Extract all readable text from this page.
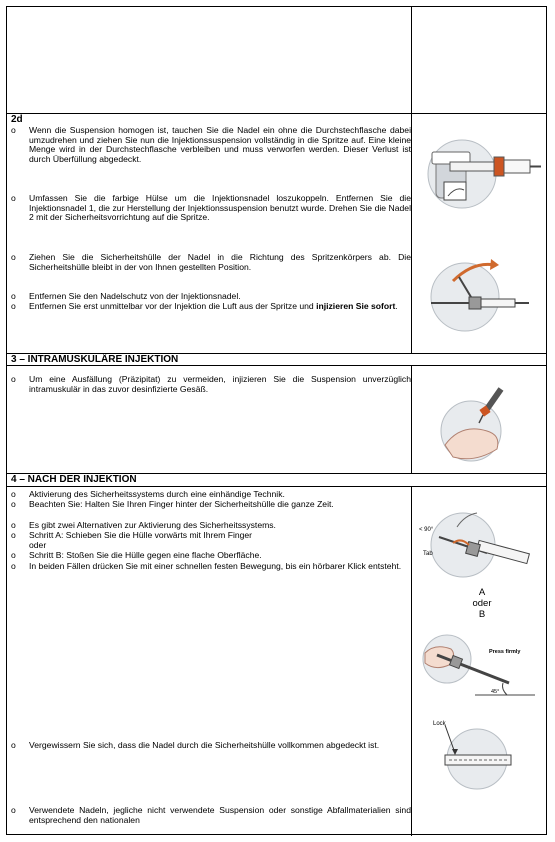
2d
o Wenn die Suspension homogen ist, tauchen Sie die Nadel ein ohne die Durchstechflasche dabei umzudrehen und ziehen Sie nun die Injektionssuspension vollständig in die Spritze auf. Eine kleine Menge wird in der Durchstechflasche verbleiben und muss verworfen werden. Dieser Verlust ist durch Überfüllung abgedeckt.
o Umfassen Sie die farbige Hülse um die Injektionsnadel loszukoppeln. Entfernen Sie die Injektionsnadel 1, die zur Herstellung der Injektionssuspension benutzt wurde. Drehen Sie die Nadel 2 mit der Sicherheitsvorrichtung auf die Spritze.
o Ziehen Sie die Sicherheitshülle der Nadel in die Richtung des Spritzenkörpers ab. Die Sicherheitshülle bleibt in der von Ihnen gestellten Position.
o Entfernen Sie den Nadelschutz von der Injektionsnadel.
o Entfernen Sie erst unmittelbar vor der Injektion die Luft aus der Spritze und injizieren Sie sofort.
3 – INTRAMUSKULÄRE INJEKTION
o Um eine Ausfällung (Präzipitat) zu vermeiden, injizieren Sie die Suspension unverzüglich intramuskulär in das zuvor desinfizierte Gesäß.
4 – NACH DER INJEKTION
o Aktivierung des Sicherheitssystems durch eine einhändige Technik.
o Beachten Sie: Halten Sie Ihren Finger hinter der Sicherheitshülle die ganze Zeit.
o Es gibt zwei Alternativen zur Aktivierung des Sicherheitssystems.
o Schritt A: Schieben Sie die Hülle vorwärts mit Ihrem Finger
oder
o Schritt B: Stoßen Sie die Hülle gegen eine flache Oberfläche.
o In beiden Fällen drücken Sie mit einer schnellen festen Bewegung, bis ein hörbarer Klick entsteht.
o Vergewissern Sie sich, dass die Nadel durch die Sicherheitshülle vollkommen abgedeckt ist.
o Verwendete Nadeln, jegliche nicht verwendete Suspension oder sonstige Abfallmaterialien sind entsprechend den nationalen
< 90°
Tab
A
oder
B
Press firmly
45°
Lock
